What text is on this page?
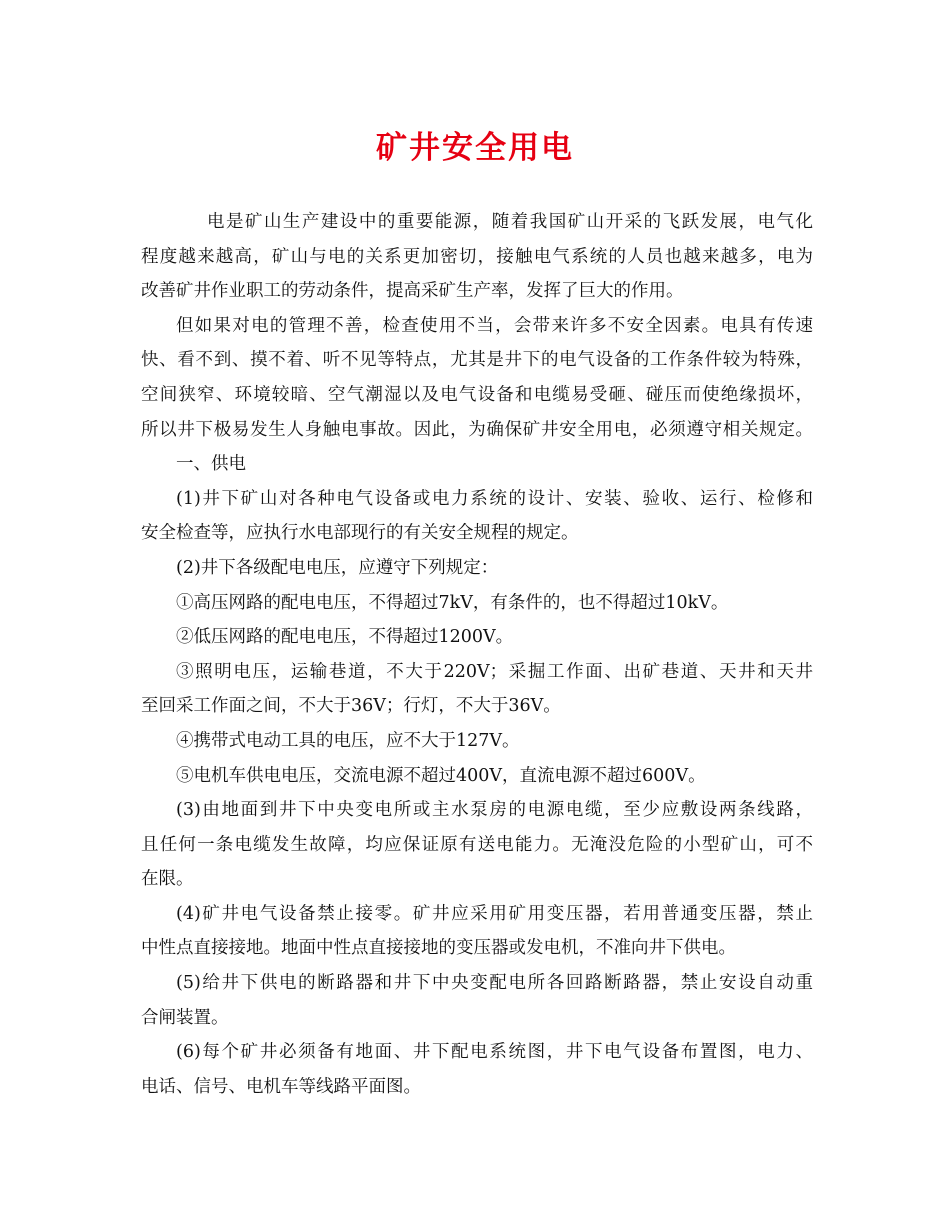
矿井安全用电
电是矿山生产建设中的重要能源，随着我国矿山开采的飞跃发展，电气化
程度越来越高，矿山与电的关系更加密切，接触电气系统的人员也越来越多，电为
改善矿井作业职工的劳动条件，提高采矿生产率，发挥了巨大的作用。
但如果对电的管理不善，检查使用不当，会带来许多不安全因素。电具有传速
快、看不到、摸不着、听不见等特点，尤其是井下的电气设备的工作条件较为特殊，
空间狭窄、环境较暗、空气潮湿以及电气设备和电缆易受砸、碰压而使绝缘损坏，
所以井下极易发生人身触电事故。因此，为确保矿井安全用电，必须遵守相关规定。
一、供电
(1)井下矿山对各种电气设备或电力系统的设计、安装、验收、运行、检修和
安全检查等，应执行水电部现行的有关安全规程的规定。
(2)井下各级配电电压，应遵守下列规定：
①高压网路的配电电压，不得超过7kV，有条件的，也不得超过10kV。
②低压网路的配电电压，不得超过1200V。
③照明电压，运输巷道，不大于220V；采掘工作面、出矿巷道、天井和天井
至回采工作面之间，不大于36V；行灯，不大于36V。
④携带式电动工具的电压，应不大于127V。
⑤电机车供电电压，交流电源不超过400V，直流电源不超过600V。
(3)由地面到井下中央变电所或主水泵房的电源电缆，至少应敷设两条线路，
且任何一条电缆发生故障，均应保证原有送电能力。无淹没危险的小型矿山，可不
在限。
(4)矿井电气设备禁止接零。矿井应采用矿用变压器，若用普通变压器，禁止
中性点直接接地。地面中性点直接接地的变压器或发电机，不准向井下供电。
(5)给井下供电的断路器和井下中央变配电所各回路断路器，禁止安设自动重
合闸装置。
(6)每个矿井必须备有地面、井下配电系统图，井下电气设备布置图，电力、
电话、信号、电机车等线路平面图。
